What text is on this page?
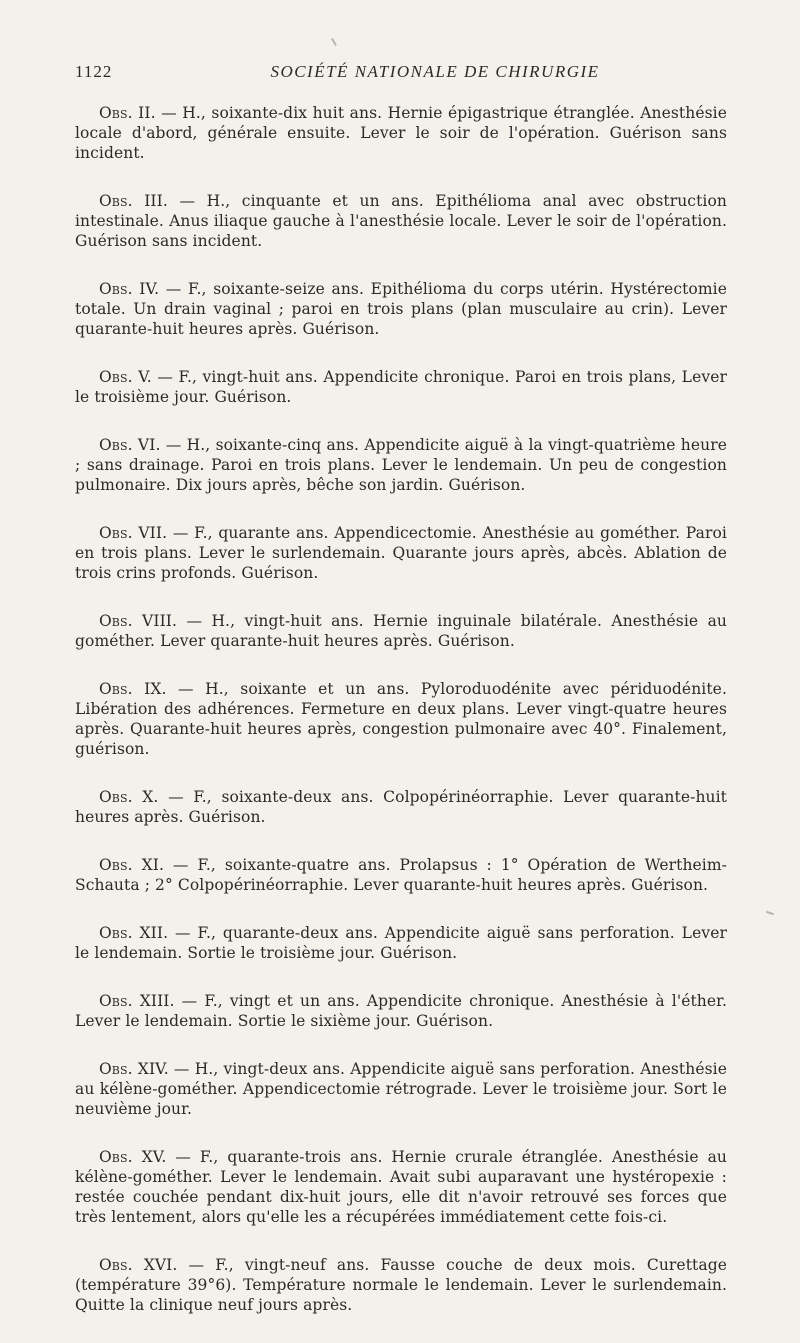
1122	SOCIÉTÉ NATIONALE DE CHIRURGIE

Obs. II. — H., soixante-dix huit ans. Hernie épigastrique étranglée. Anesthésie locale d'abord, générale ensuite. Lever le soir de l'opération. Guérison sans incident.

Obs. III. — H., cinquante et un ans. Epithélioma anal avec obstruction intestinale. Anus iliaque gauche à l'anesthésie locale. Lever le soir de l'opération. Guérison sans incident.

Obs. IV. — F., soixante-seize ans. Epithélioma du corps utérin. Hystérectomie totale. Un drain vaginal ; paroi en trois plans (plan musculaire au crin). Lever quarante-huit heures après. Guérison.

Obs. V. — F., vingt-huit ans. Appendicite chronique. Paroi en trois plans, Lever le troisième jour. Guérison.

Obs. VI. — H., soixante-cinq ans. Appendicite aiguë à la vingt-quatrième heure ; sans drainage. Paroi en trois plans. Lever le lendemain. Un peu de congestion pulmonaire. Dix jours après, bêche son jardin. Guérison.

Obs. VII. — F., quarante ans. Appendicectomie. Anesthésie au gométher. Paroi en trois plans. Lever le surlendemain. Quarante jours après, abcès. Ablation de trois crins profonds. Guérison.

Obs. VIII. — H., vingt-huit ans. Hernie inguinale bilatérale. Anesthésie au gométher. Lever quarante-huit heures après. Guérison.

Obs. IX. — H., soixante et un ans. Pyloroduodénite avec périduodénite. Libération des adhérences. Fermeture en deux plans. Lever vingt-quatre heures après. Quarante-huit heures après, congestion pulmonaire avec 40°. Finalement, guérison.

Obs. X. — F., soixante-deux ans. Colpopérinéorraphie. Lever quarante-huit heures après. Guérison.

Obs. XI. — F., soixante-quatre ans. Prolapsus : 1° Opération de Wertheim-Schauta ; 2° Colpopérinéorraphie. Lever quarante-huit heures après. Guérison.

Obs. XII. — F., quarante-deux ans. Appendicite aiguë sans perforation. Lever le lendemain. Sortie le troisième jour. Guérison.

Obs. XIII. — F., vingt et un ans. Appendicite chronique. Anesthésie à l'éther. Lever le lendemain. Sortie le sixième jour. Guérison.

Obs. XIV. — H., vingt-deux ans. Appendicite aiguë sans perforation. Anesthésie au kélène-gométher. Appendicectomie rétrograde. Lever le troisième jour. Sort le neuvième jour.

Obs. XV. — F., quarante-trois ans. Hernie crurale étranglée. Anesthésie au kélène-gométher. Lever le lendemain. Avait subi auparavant une hystéropexie : restée couchée pendant dix-huit jours, elle dit n'avoir retrouvé ses forces que très lentement, alors qu'elle les a récupérées immédiatement cette fois-ci.

Obs. XVI. — F., vingt-neuf ans. Fausse couche de deux mois. Curettage (température 39°6). Température normale le lendemain. Lever le surlendemain. Quitte la clinique neuf jours après.
